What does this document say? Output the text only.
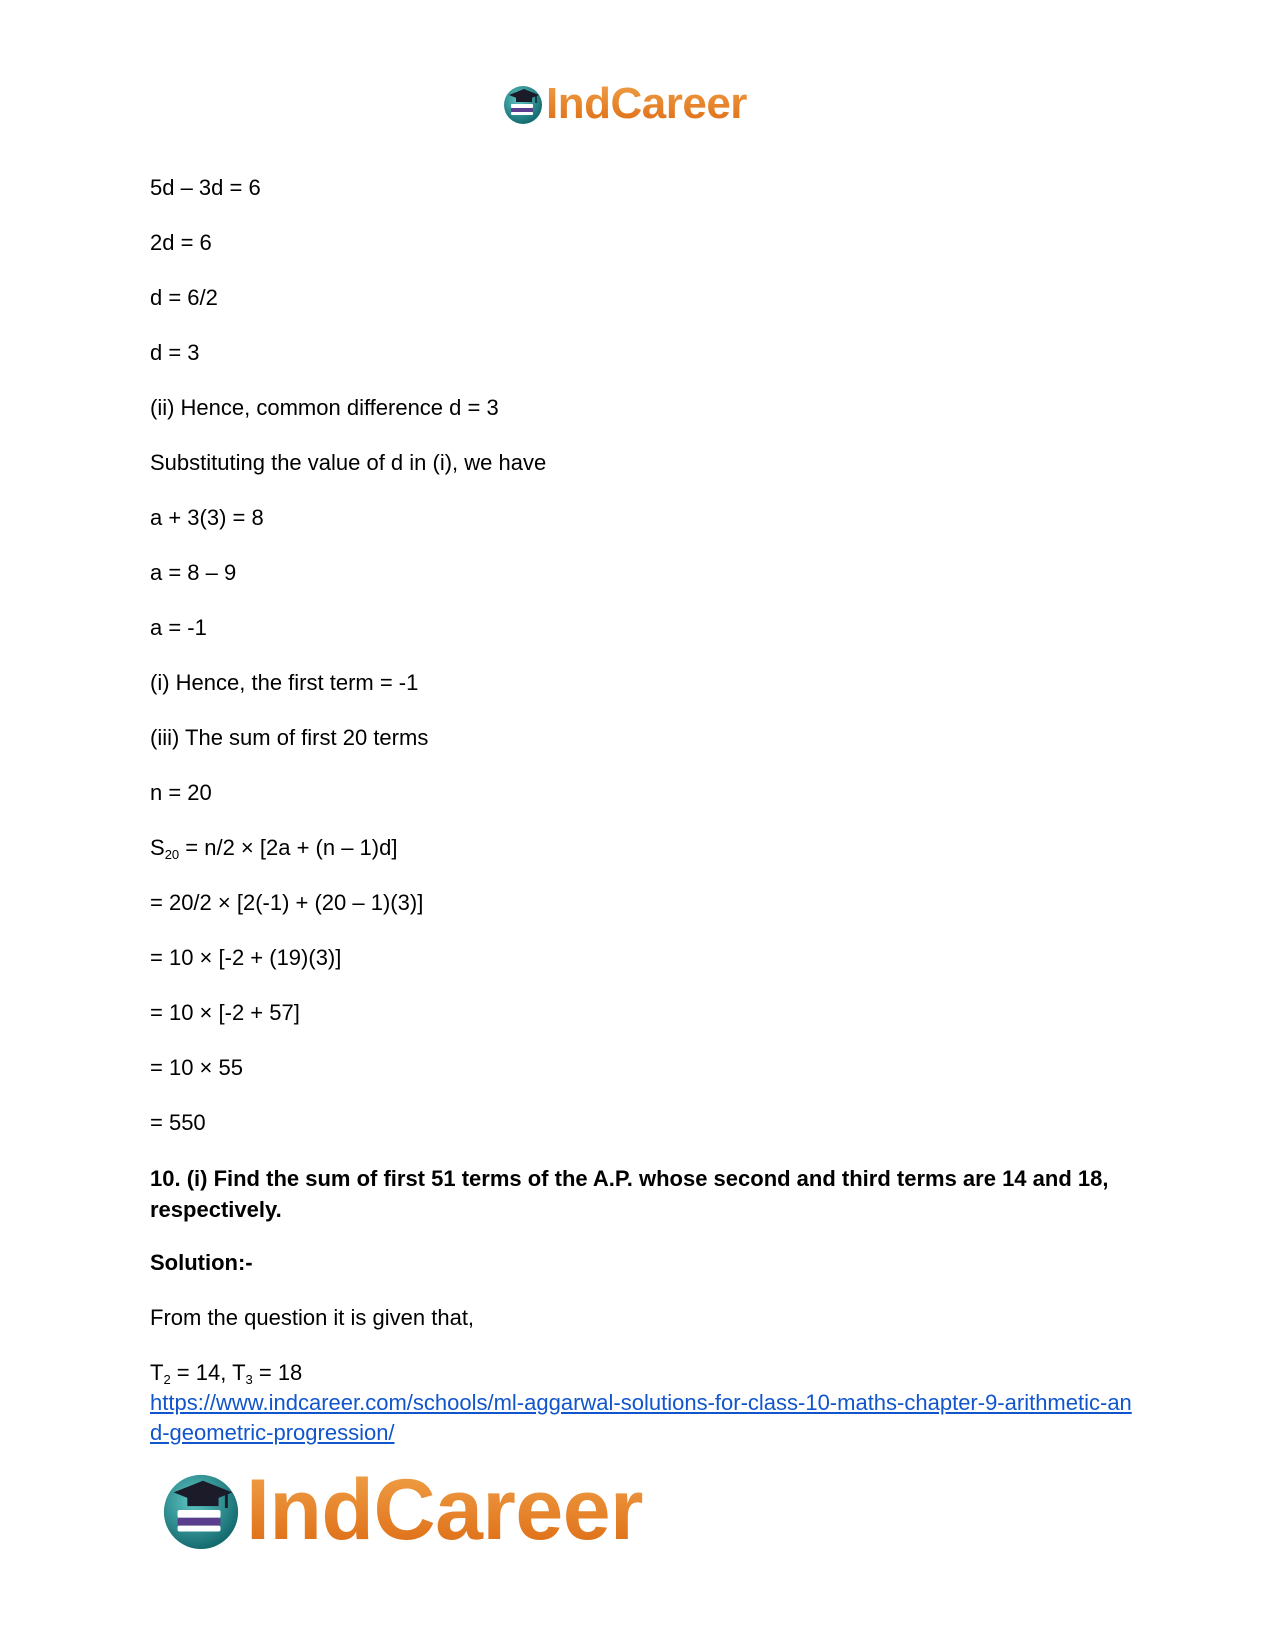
IndCareer
5d – 3d = 6
2d = 6
d = 6/2
d = 3
(ii) Hence, common difference d = 3
Substituting the value of d in (i), we have
a + 3(3) = 8
a = 8 – 9
a = -1
(i) Hence, the first term = -1
(iii) The sum of first 20 terms
n = 20
$S_{20} = n/2 \times [2a + (n - 1)d]$
= 20/2 × [2(-1) + (20 – 1)(3)]
= 10 × [-2 + (19)(3)]
= 10 × [-2 + 57]
= 10 × 55
= 550
10. (i) Find the sum of first 51 terms of the A.P. whose second and third terms are 14 and 18, respectively.
Solution:-
From the question it is given that,
$T_2 = 14$, $T_3 = 18$
https://www.indcareer.com/schools/ml-aggarwal-solutions-for-class-10-maths-chapter-9-arithmetic-and-geometric-progression/
IndCareer
